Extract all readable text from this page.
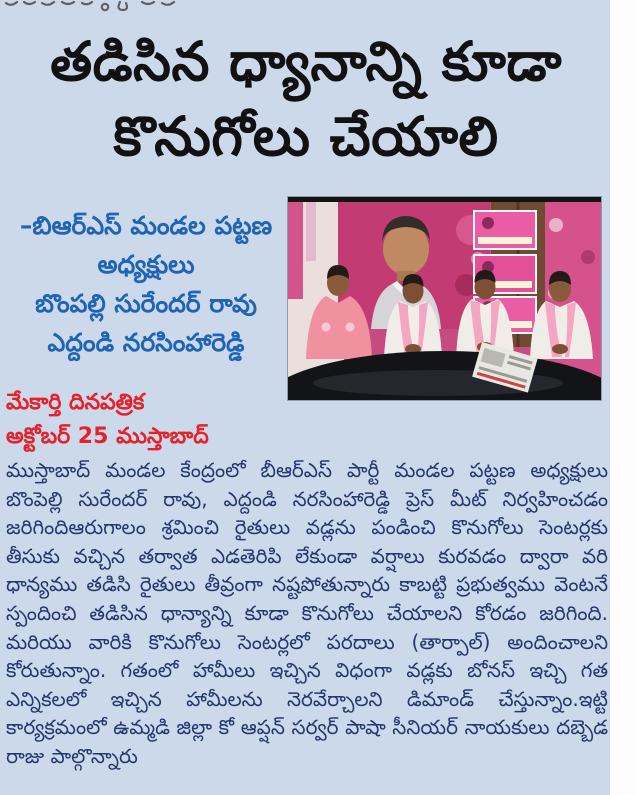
తడిసిన ధ్యానాన్ని కూడా
కొనుగోలు చేయాలి
–బిఆర్‌ఎస్ మండల పట్టణ
అధ్యక్షులు
బొంపల్లి సురేందర్ రావు
ఎద్దండి నరసింహారెడ్డి
మేకార్తి దినపత్రిక
అక్టోబర్ 25 ముస్తాబాద్
ముస్తాబాద్ మండల కేంద్రంలో బీఆర్ఎస్ పార్టీ మండల పట్టణ అధ్యక్షులు బొంపెల్లి సురేందర్ రావు, ఎద్దండి నరసింహారెడ్డి ప్రెస్ మీట్ నిర్వహించడం జరిగిందిఆరుగాలం శ్రమించి రైతులు వడ్లను పండించి కొనుగోలు సెంటర్లకు తీసుకు వచ్చిన తర్వాత ఎడతెరిపి లేకుండా వర్షాలు కురవడం ద్వారా వరి ధాన్యము తడిసి రైతులు తీవ్రంగా నష్టపోతున్నారు కాబట్టి ప్రభుత్వము వెంటనే స్పందించి తడిసిన ధాన్యాన్ని కూడా కొనుగోలు చేయాలని కోరడం జరిగింది. మరియు వారికి కొనుగోలు సెంటర్లలో పరదాలు (తార్పాల్) అందించాలని కోరుతున్నాం. గతంలో హామీలు ఇచ్చిన విధంగా వడ్లకు బోనస్ ఇచ్చి గత ఎన్నికలలో ఇచ్చిన హామీలను నెరవేర్చాలని డిమాండ్ చేస్తున్నాం.ఇట్టి కార్యక్రమంలో ఉమ్మడి జిల్లా కో ఆప్షన్ సర్వర్ పాషా సీనియర్ నాయకులు దబ్బెడ రాజు పాల్గొన్నారు
